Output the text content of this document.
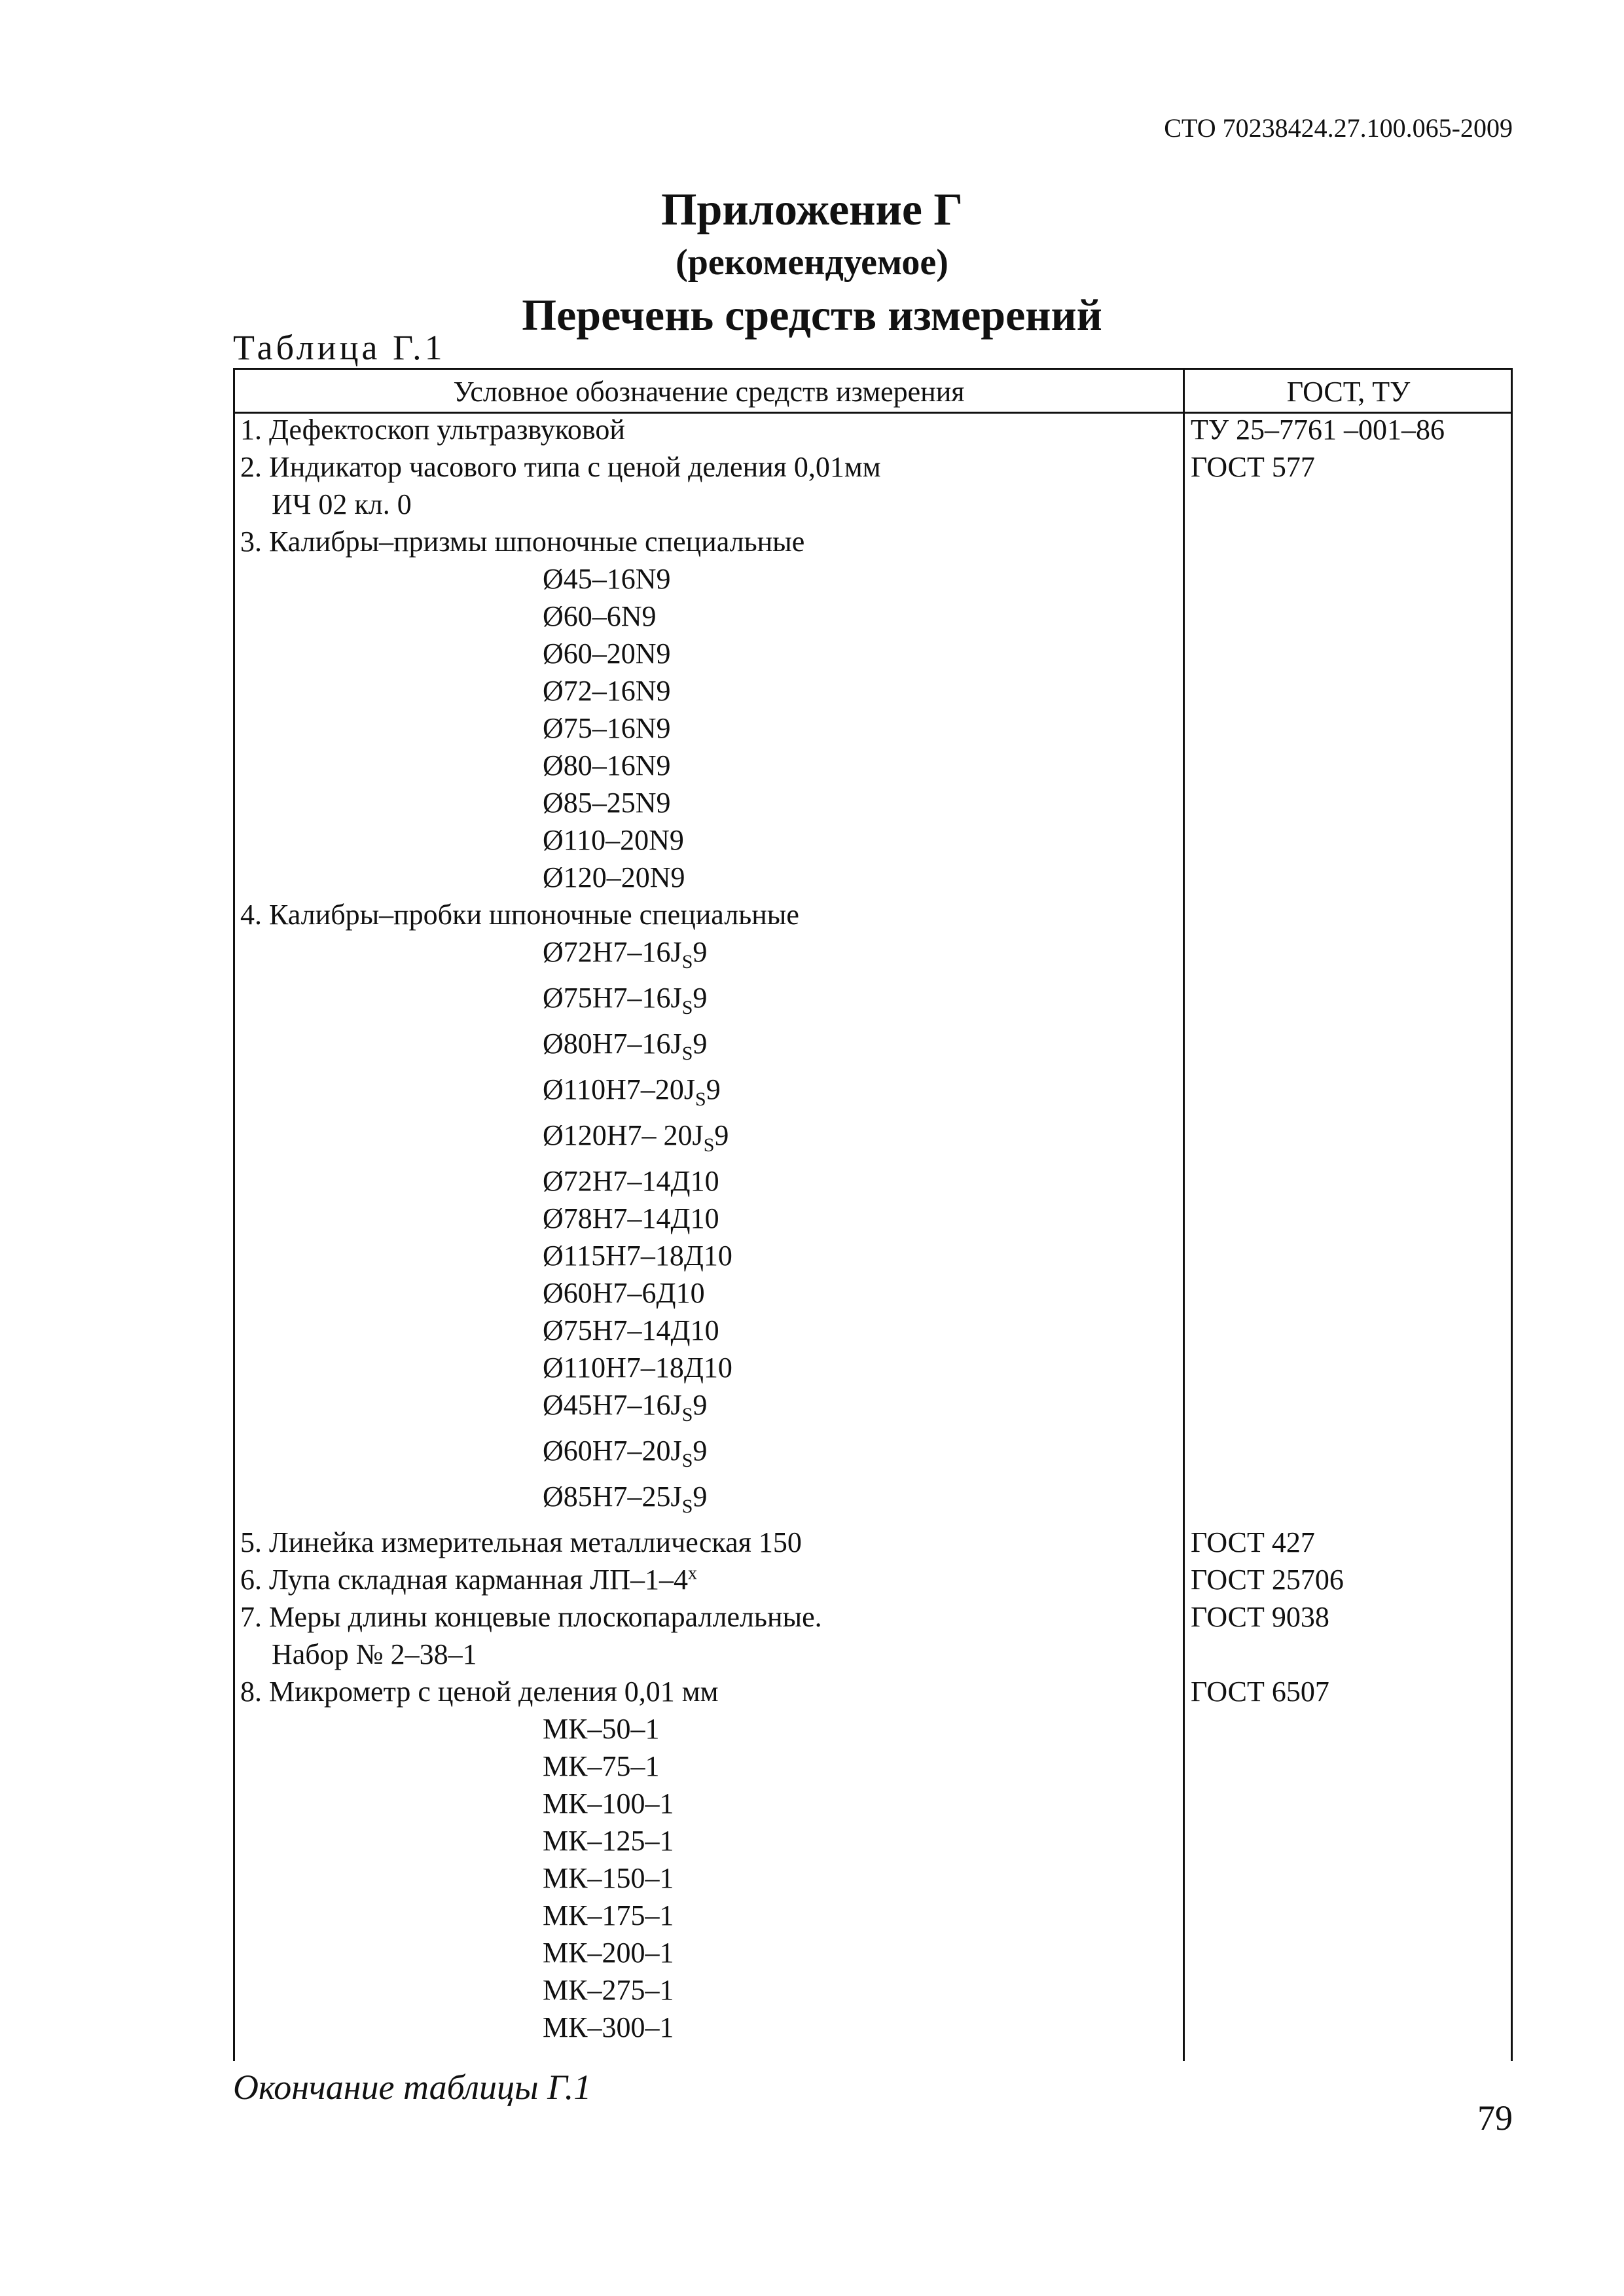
СТО 70238424.27.100.065-2009
Приложение Г
(рекомендуемое)
Перечень средств измерений
Таблица Г.1
Условное обозначение средств измерения	ГОСТ, ТУ
1. Дефектоскоп ультразвуковой	ТУ 25–7761 –001–86
2. Индикатор часового типа с ценой деления 0,01мм	ГОСТ 577
ИЧ 02 кл. 0
3. Калибры–призмы шпоночные специальные
Ø45–16N9
Ø60–6N9
Ø60–20N9
Ø72–16N9
Ø75–16N9
Ø80–16N9
Ø85–25N9
Ø110–20N9
Ø120–20N9
4. Калибры–пробки шпоночные специальные
$Ø72Н7-16J_S9$
$Ø75Н7-16J_S9$
$Ø80Н7-16J_S9$
$Ø110Н7-20J_S9$
Ø120Н7– $20J_S9$
Ø72Н7–14Д10
Ø78Н7–14Д10
Ø115Н7–18Д10
Ø60Н7–6Д10
Ø75Н7–14Д10
Ø110Н7–18Д10
$Ø45Н7-16J_S9$
$Ø60Н7-20J_S9$
$Ø85Н7-25J_S9$
5. Линейка измерительная металлическая 150	ГОСТ 427
6. Лупа складная карманная ЛП–1–4$^x$	ГОСТ 25706
7. Меры длины концевые плоскопараллельные.	ГОСТ 9038
Набор № 2–38–1
8. Микрометр с ценой деления 0,01 мм	ГОСТ 6507
МК–50–1
МК–75–1
МК–100–1
МК–125–1
МК–150–1
МК–175–1
МК–200–1
МК–275–1
МК–300–1
Окончание таблицы Г.1
79
